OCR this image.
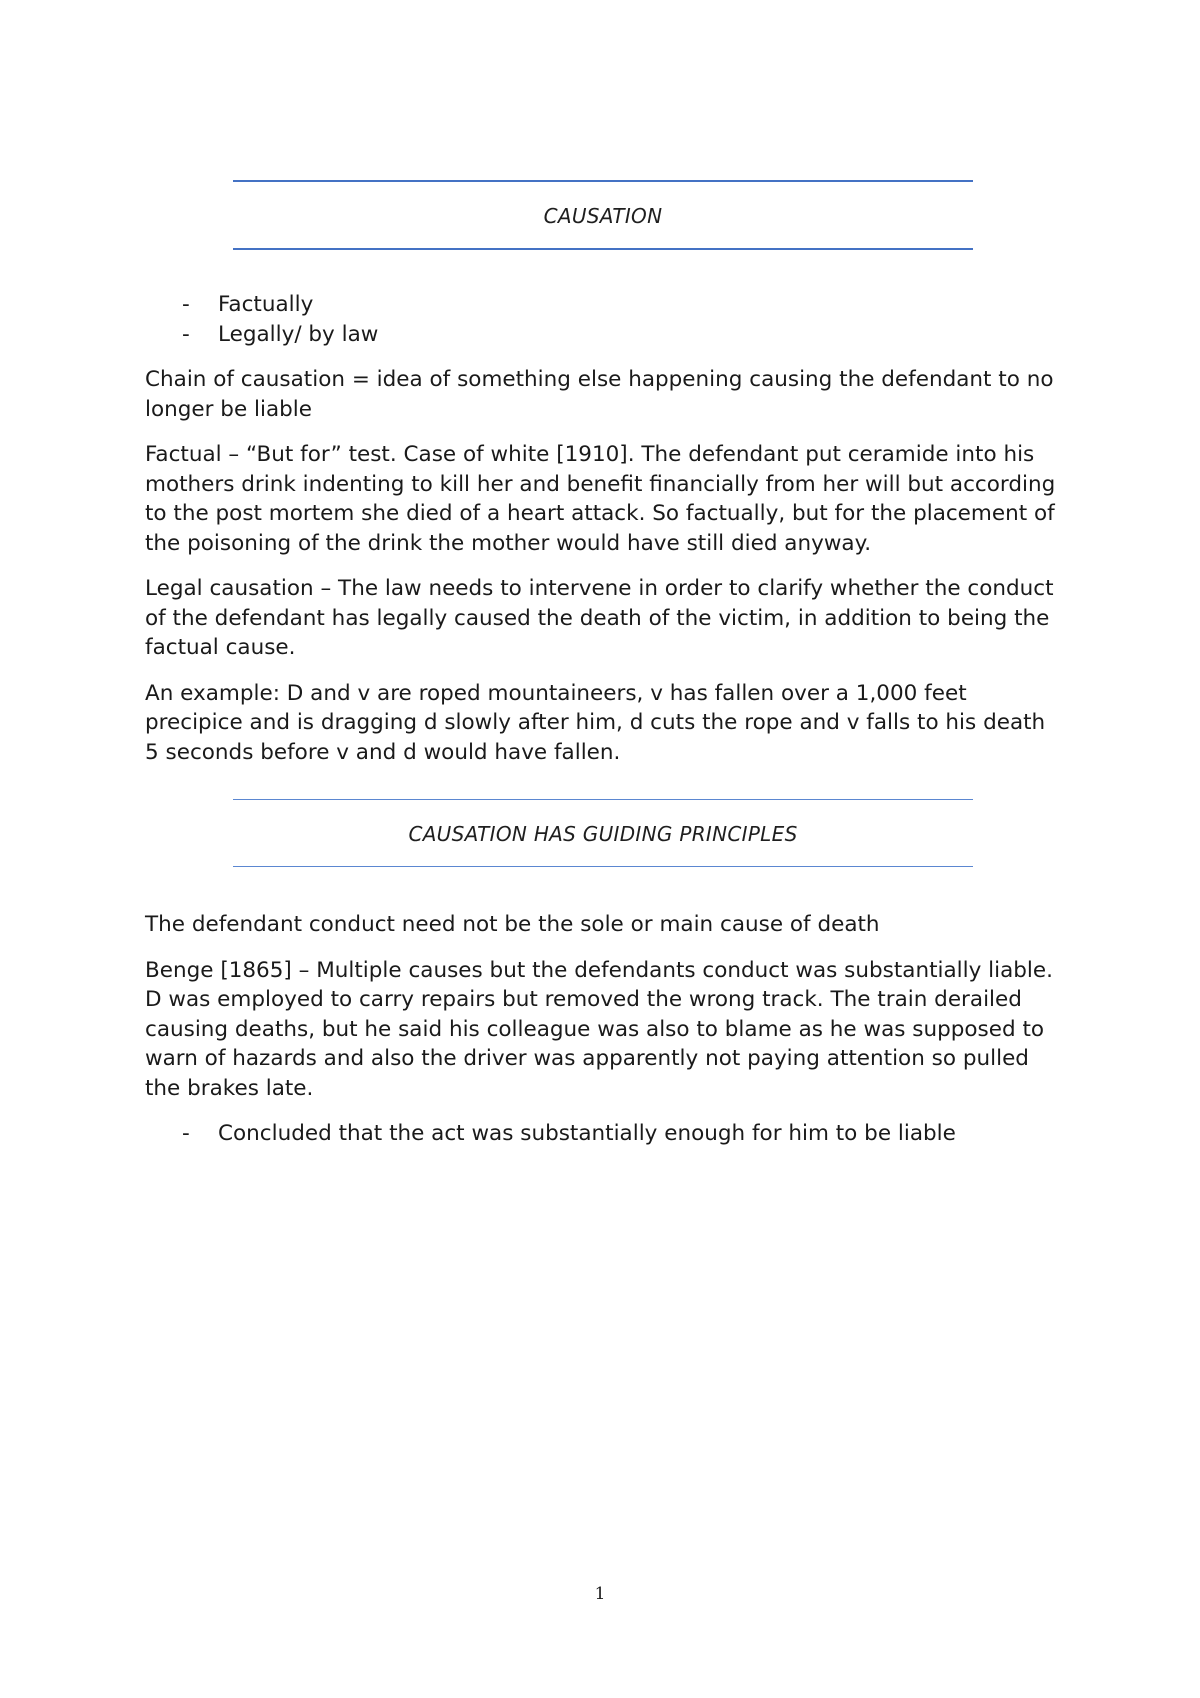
CAUSATION
- Factually
- Legally/ by law

Chain of causation = idea of something else happening causing the defendant to no longer be liable

Factual – “But for” test. Case of white [1910]. The defendant put ceramide into his mothers drink indenting to kill her and benefit financially from her will but according to the post mortem she died of a heart attack. So factually, but for the placement of the poisoning of the drink the mother would have still died anyway.

Legal causation – The law needs to intervene in order to clarify whether the conduct of the defendant has legally caused the death of the victim, in addition to being the factual cause.

An example: D and v are roped mountaineers, v has fallen over a 1,000 feet precipice and is dragging d slowly after him, d cuts the rope and v falls to his death 5 seconds before v and d would have fallen.

CAUSATION HAS GUIDING PRINCIPLES

The defendant conduct need not be the sole or main cause of death

Benge [1865] – Multiple causes but the defendants conduct was substantially liable. D was employed to carry repairs but removed the wrong track. The train derailed causing deaths, but he said his colleague was also to blame as he was supposed to warn of hazards and also the driver was apparently not paying attention so pulled the brakes late.

- Concluded that the act was substantially enough for him to be liable
1
